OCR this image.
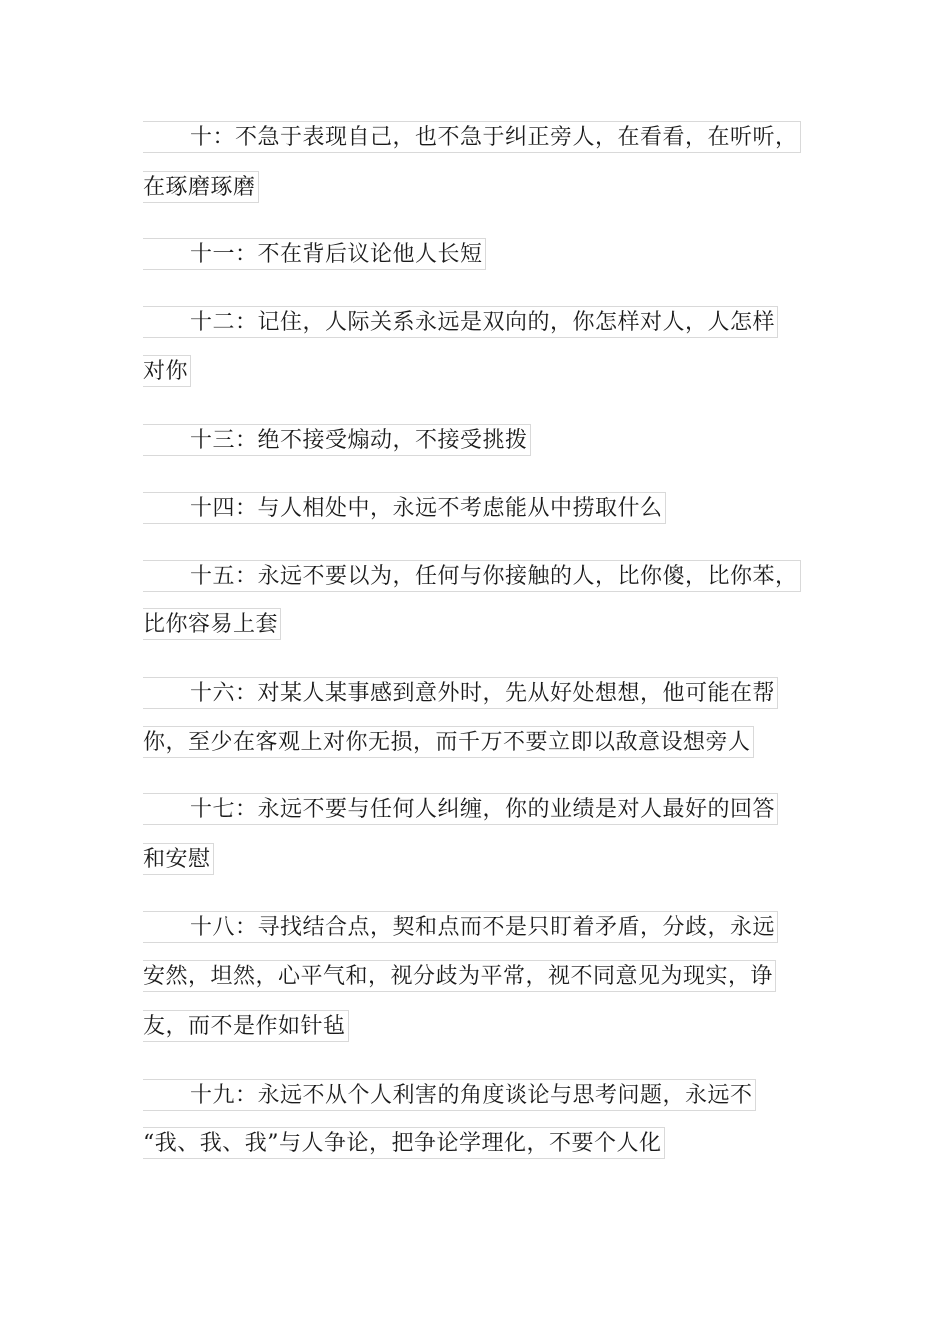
十：不急于表现自己，也不急于纠正旁人，在看看，在听听，
在琢磨琢磨
十一：不在背后议论他人长短
十二：记住，人际关系永远是双向的，你怎样对人，人怎样
对你
十三：绝不接受煽动，不接受挑拨
十四：与人相处中，永远不考虑能从中捞取什么
十五：永远不要以为，任何与你接触的人，比你傻，比你苯，
比你容易上套
十六：对某人某事感到意外时，先从好处想想，他可能在帮
你，至少在客观上对你无损，而千万不要立即以敌意设想旁人
十七：永远不要与任何人纠缠，你的业绩是对人最好的回答
和安慰
十八：寻找结合点，契和点而不是只盯着矛盾，分歧，永远
安然，坦然，心平气和，视分歧为平常，视不同意见为现实，诤
友，而不是作如针毡
十九：永远不从个人利害的角度谈论与思考问题，永远不
“我、我、我”与人争论，把争论学理化，不要个人化
